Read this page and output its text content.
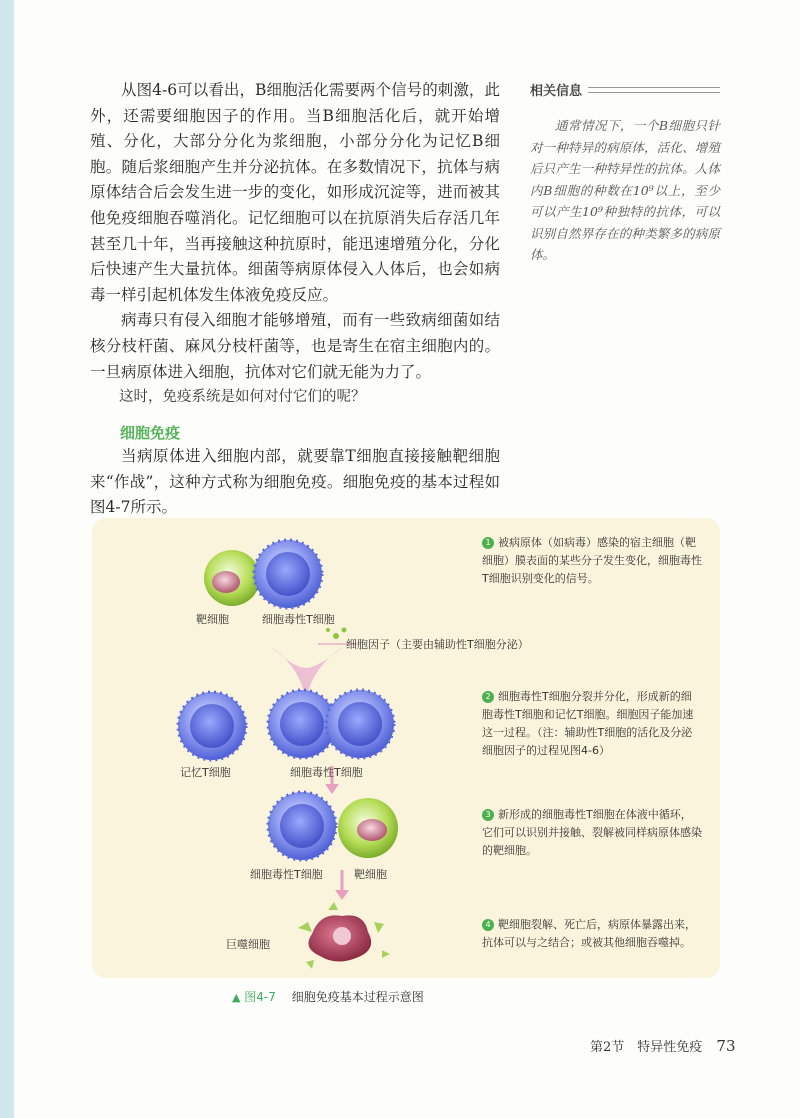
从图4-6可以看出，B细胞活化需要两个信号的刺激，此外，还需要细胞因子的作用。当B细胞活化后，就开始增殖、分化，大部分分化为浆细胞，小部分分化为记忆B细胞。随后浆细胞产生并分泌抗体。在多数情况下，抗体与病原体结合后会发生进一步的变化，如形成沉淀等，进而被其他免疫细胞吞噬消化。记忆细胞可以在抗原消失后存活几年甚至几十年，当再接触这种抗原时，能迅速增殖分化，分化后快速产生大量抗体。细菌等病原体侵入人体后，也会如病毒一样引起机体发生体液免疫反应。

病毒只有侵入细胞才能够增殖，而有一些致病细菌如结核分枝杆菌、麻风分枝杆菌等，也是寄生在宿主细胞内的。一旦病原体进入细胞，抗体对它们就无能为力了。

这时，免疫系统是如何对付它们的呢？

细胞免疫

当病原体进入细胞内部，就要靠T细胞直接接触靶细胞来“作战”，这种方式称为细胞免疫。细胞免疫的基本过程如图4-7所示。

相关信息
通常情况下，一个B细胞只针对一种特异的病原体，活化、增殖后只产生一种特异性的抗体。人体内B细胞的种数在10⁹以上，至少可以产生10⁹种独特的抗体，可以识别自然界存在的种类繁多的病原体。
靶细胞	细胞毒性T细胞
细胞因子（主要由辅助性T细胞分泌）
记忆T细胞	细胞毒性T细胞
细胞毒性T细胞	靶细胞
巨噬细胞
1 被病原体（如病毒）感染的宿主细胞（靶细胞）膜表面的某些分子发生变化，细胞毒性T细胞识别变化的信号。
2 细胞毒性T细胞分裂并分化，形成新的细胞毒性T细胞和记忆T细胞。细胞因子能加速这一过程。（注：辅助性T细胞的活化及分泌细胞因子的过程见图4-6）
3 新形成的细胞毒性T细胞在体液中循环，它们可以识别并接触、裂解被同样病原体感染的靶细胞。
4 靶细胞裂解、死亡后，病原体暴露出来，抗体可以与之结合；或被其他细胞吞噬掉。
▲ 图4-7 细胞免疫基本过程示意图
第2节　特异性免疫 73
